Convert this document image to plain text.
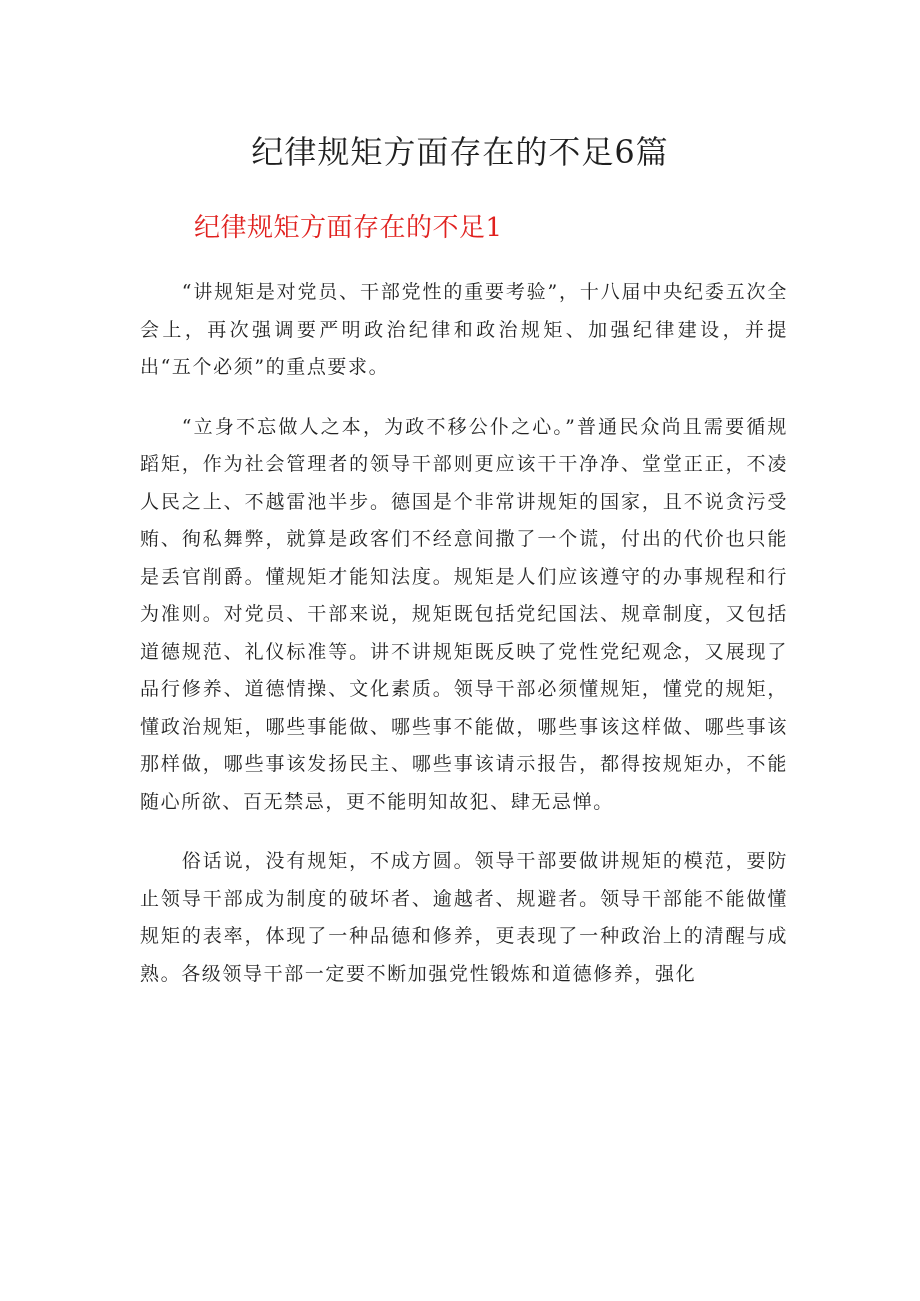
纪律规矩方面存在的不足6篇
纪律规矩方面存在的不足1

“讲规矩是对党员、干部党性的重要考验”，十八届中央纪委五次全会上，再次强调要严明政治纪律和政治规矩、加强纪律建设，并提出“五个必须”的重点要求。

“立身不忘做人之本，为政不移公仆之心。”普通民众尚且需要循规蹈矩，作为社会管理者的领导干部则更应该干干净净、堂堂正正，不凌人民之上、不越雷池半步。德国是个非常讲规矩的国家，且不说贪污受贿、徇私舞弊，就算是政客们不经意间撒了一个谎，付出的代价也只能是丢官削爵。懂规矩才能知法度。规矩是人们应该遵守的办事规程和行为准则。对党员、干部来说，规矩既包括党纪国法、规章制度，又包括道德规范、礼仪标准等。讲不讲规矩既反映了党性党纪观念，又展现了品行修养、道德情操、文化素质。领导干部必须懂规矩，懂党的规矩，懂政治规矩，哪些事能做、哪些事不能做，哪些事该这样做、哪些事该那样做，哪些事该发扬民主、哪些事该请示报告，都得按规矩办，不能随心所欲、百无禁忌，更不能明知故犯、肆无忌惮。

俗话说，没有规矩，不成方圆。领导干部要做讲规矩的模范，要防止领导干部成为制度的破坏者、逾越者、规避者。领导干部能不能做懂规矩的表率，体现了一种品德和修养，更表现了一种政治上的清醒与成熟。各级领导干部一定要不断加强党性锻炼和道德修养，强化
